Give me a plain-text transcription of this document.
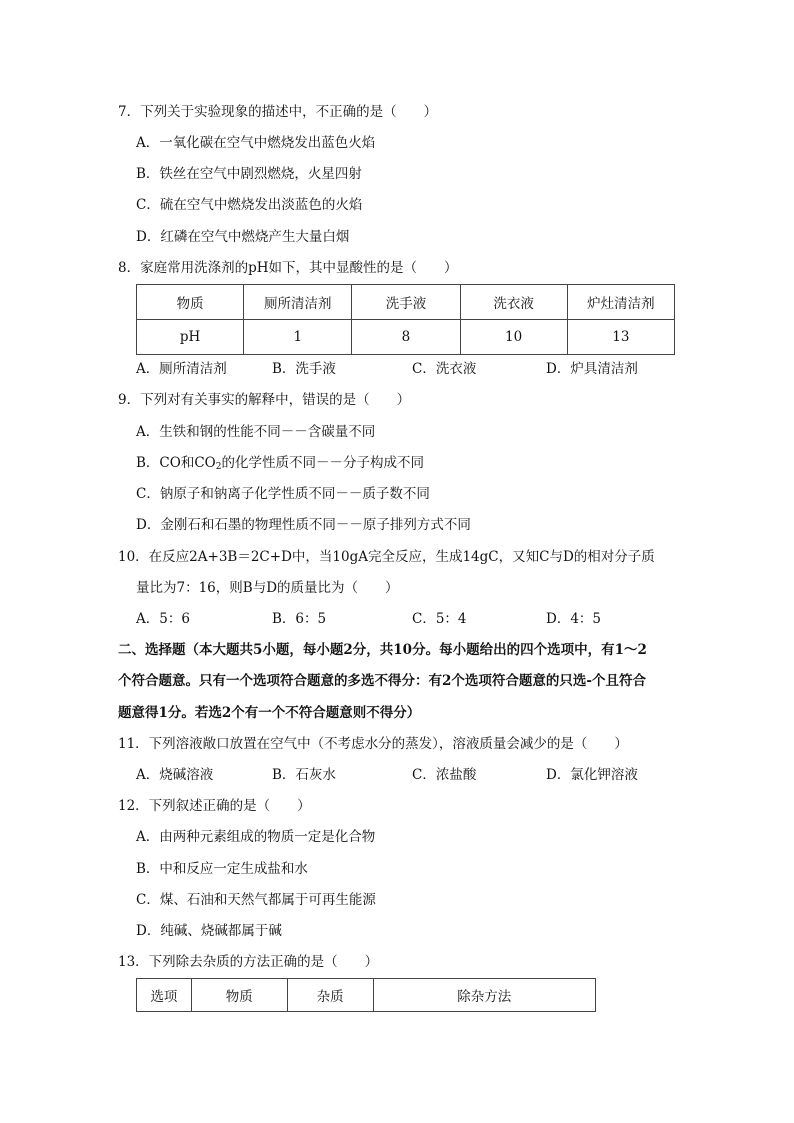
7．下列关于实验现象的描述中，不正确的是（　　）
A．一氧化碳在空气中燃烧发出蓝色火焰
B．铁丝在空气中剧烈燃烧，火星四射
C．硫在空气中燃烧发出淡蓝色的火焰
D．红磷在空气中燃烧产生大量白烟
8．家庭常用洗涤剂的pH如下，其中显酸性的是（　　）
物质	厕所清洁剂	洗手液	洗衣液	炉灶清洁剂
pH	1	8	10	13
A．厕所清洁剂	B．洗手液	C．洗衣液	D．炉具清洁剂
9．下列对有关事实的解释中，错误的是（　　）
A．生铁和钢的性能不同－－含碳量不同
B．CO和$CO_2$的化学性质不同－－分子构成不同
C．钠原子和钠离子化学性质不同－－质子数不同
D．金刚石和石墨的物理性质不同－－原子排列方式不同
10．在反应2A+3B＝2C+D中，当10gA完全反应，生成14gC，又知C与D的相对分子质
量比为7：16，则B与D的质量比为（　　）
A．5：6	B．6：5	C．5：4	D．4：5
二、选择题（本大题共5小题，每小题2分，共10分。每小题给出的四个选项中，有1～2
个符合题意。只有一个选项符合题意的多选不得分：有2个选项符合题意的只选-个且符合
题意得1分。若选2个有一个不符合题意则不得分）
11．下列溶液敞口放置在空气中（不考虑水分的蒸发），溶液质量会减少的是（　　）
A．烧碱溶液	B．石灰水	C．浓盐酸	D．氯化钾溶液
12．下列叙述正确的是（　　）
A．由两种元素组成的物质一定是化合物
B．中和反应一定生成盐和水
C．煤、石油和天然气都属于可再生能源
D．纯碱、烧碱都属于碱
13．下列除去杂质的方法正确的是（　　）
选项	物质	杂质	除杂方法
